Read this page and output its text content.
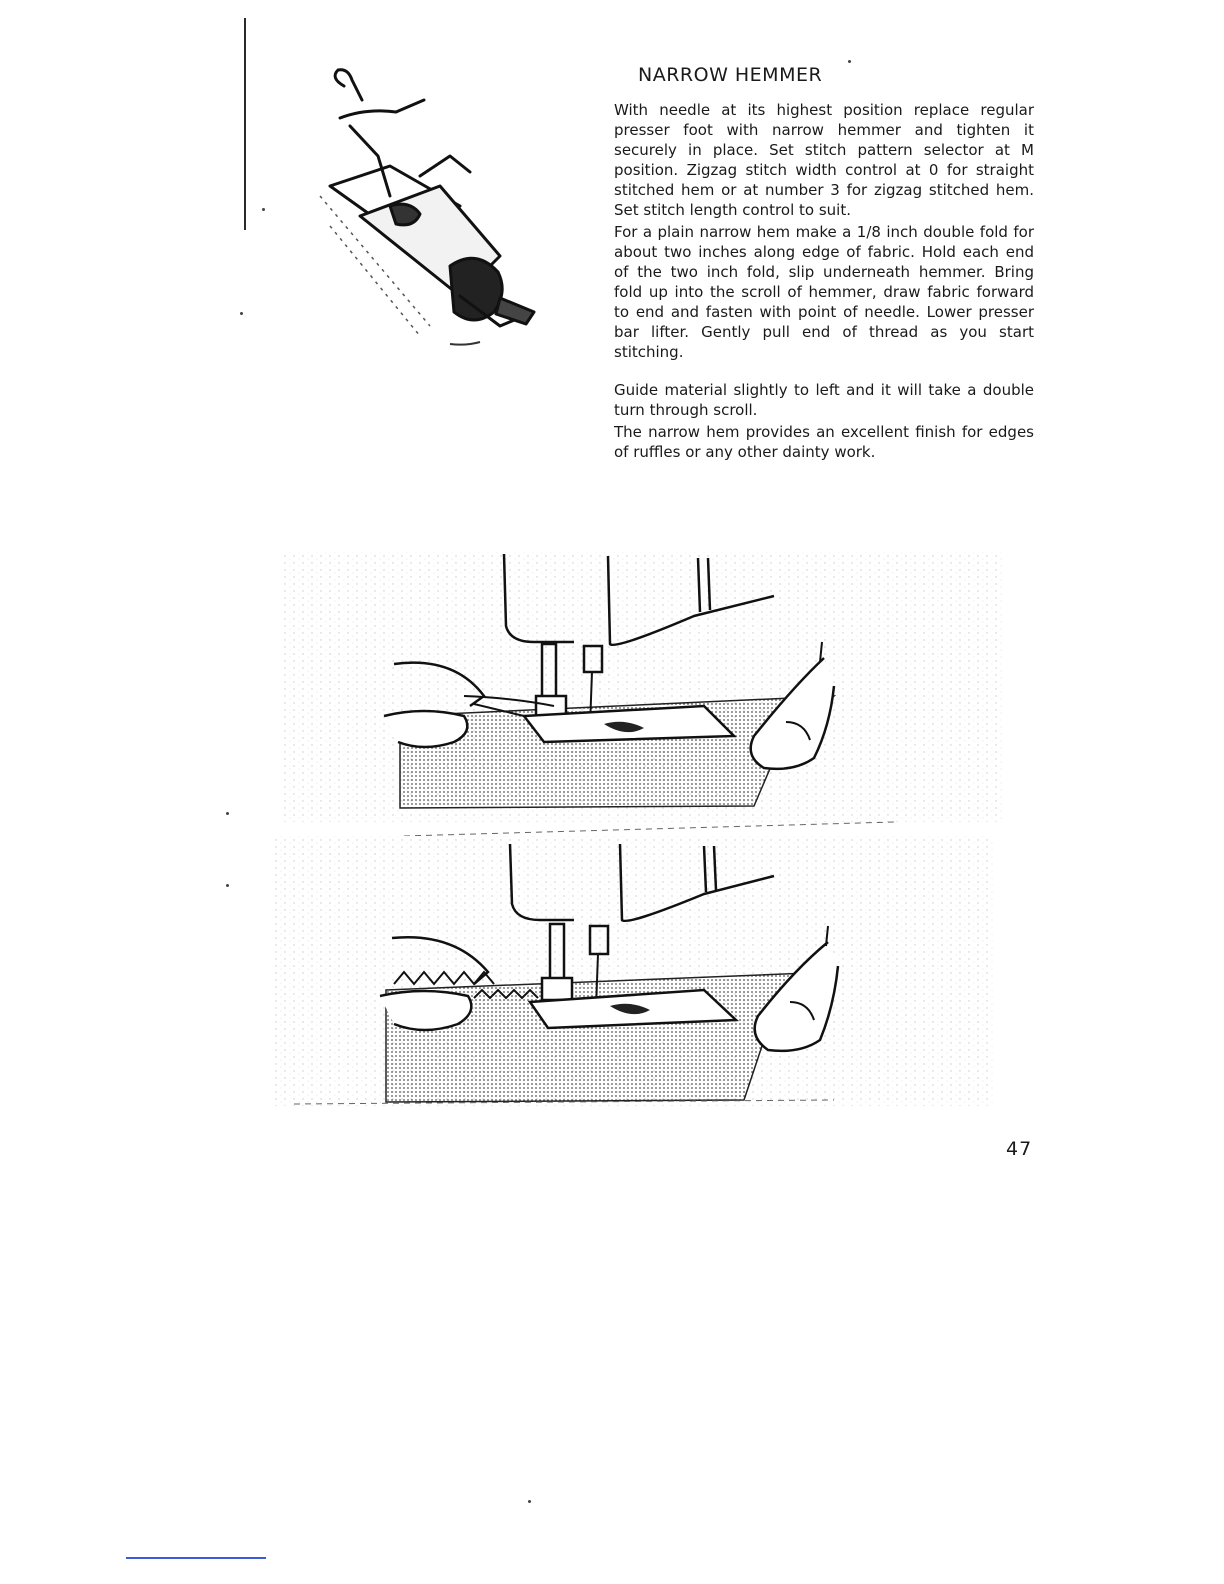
NARROW HEMMER

With needle at its highest position replace regular presser foot with narrow hemmer and tighten it securely in place. Set stitch pattern selector at M position. Zigzag stitch width control at 0 for straight stitched hem or at number 3 for zigzag stitched hem. Set stitch length control to suit.

For a plain narrow hem make a 1/8 inch double fold for about two inches along edge of fabric. Hold each end of the two inch fold, slip underneath hemmer. Bring fold up into the scroll of hemmer, draw fabric forward to end and fasten with point of needle. Lower presser bar lifter. Gently pull end of thread as you start stitching.

Guide material slightly to left and it will take a double turn through scroll.

The narrow hem provides an excellent finish for edges of ruffles or any other dainty work.

47
